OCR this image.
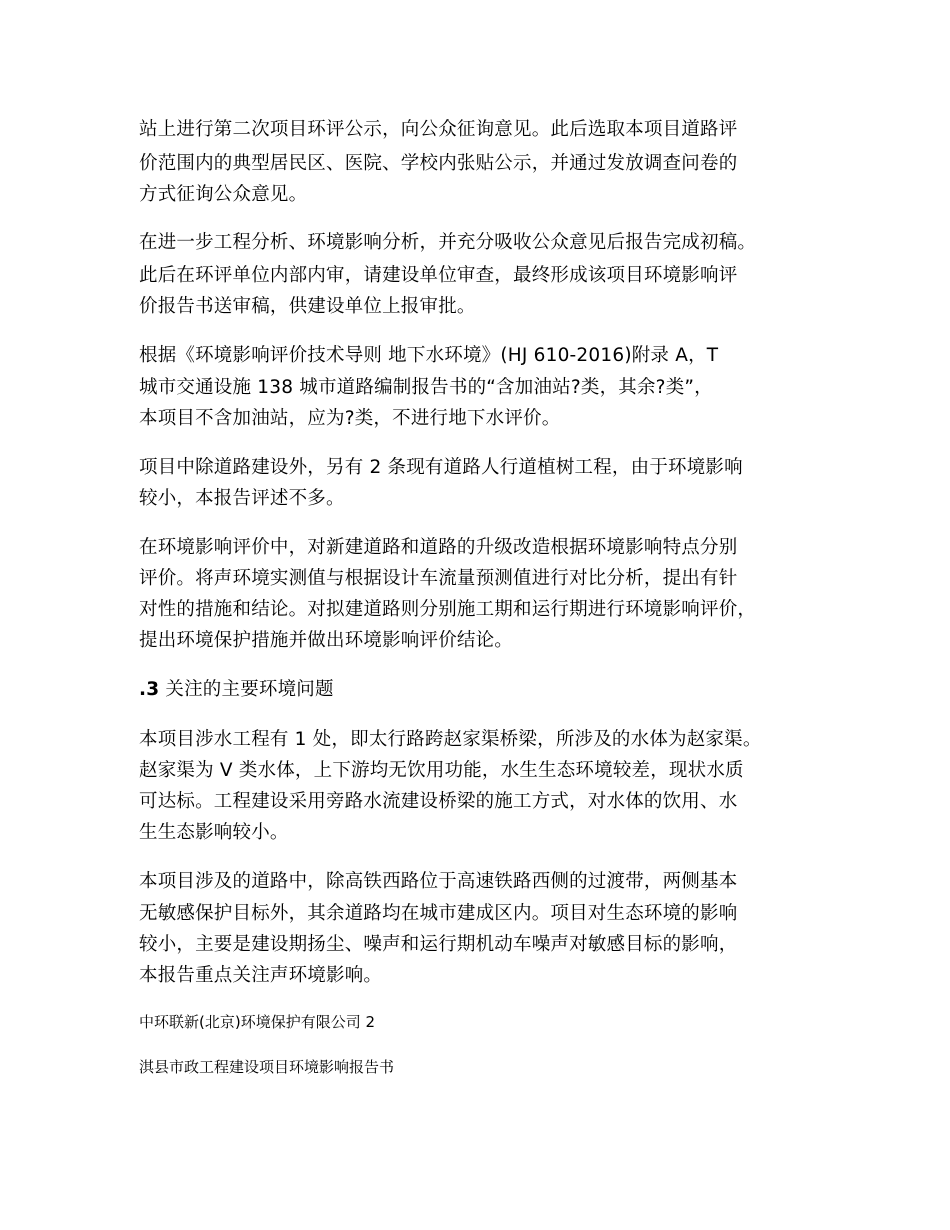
站上进行第二次项目环评公示，向公众征询意见。此后选取本项目道路评
价范围内的典型居民区、医院、学校内张贴公示，并通过发放调查问卷的
方式征询公众意见。
在进一步工程分析、环境影响分析，并充分吸收公众意见后报告完成初稿。
此后在环评单位内部内审，请建设单位审查，最终形成该项目环境影响评
价报告书送审稿，供建设单位上报审批。
根据《环境影响评价技术导则 地下水环境》(HJ 610-2016)附录 A，T
城市交通设施 138 城市道路编制报告书的“含加油站?类，其余?类”，
本项目不含加油站，应为?类，不进行地下水评价。
项目中除道路建设外，另有 2 条现有道路人行道植树工程，由于环境影响
较小，本报告评述不多。
在环境影响评价中，对新建道路和道路的升级改造根据环境影响特点分别
评价。将声环境实测值与根据设计车流量预测值进行对比分析，提出有针
对性的措施和结论。对拟建道路则分别施工期和运行期进行环境影响评价，
提出环境保护措施并做出环境影响评价结论。
.3 关注的主要环境问题
本项目涉水工程有 1 处，即太行路跨赵家渠桥梁，所涉及的水体为赵家渠。
赵家渠为 V 类水体，上下游均无饮用功能，水生生态环境较差，现状水质
可达标。工程建设采用旁路水流建设桥梁的施工方式，对水体的饮用、水
生生态影响较小。
本项目涉及的道路中，除高铁西路位于高速铁路西侧的过渡带，两侧基本
无敏感保护目标外，其余道路均在城市建成区内。项目对生态环境的影响
较小，主要是建设期扬尘、噪声和运行期机动车噪声对敏感目标的影响，
本报告重点关注声环境影响。
中环联新(北京)环境保护有限公司 2
淇县市政工程建设项目环境影响报告书
